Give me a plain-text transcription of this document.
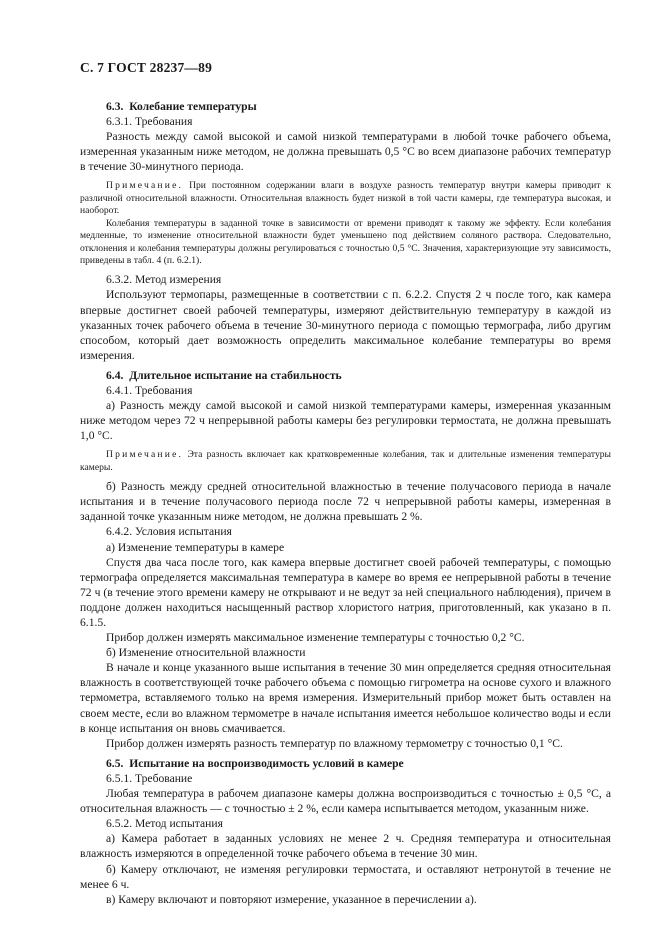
С. 7 ГОСТ 28237—89
6.3. Колебание температуры
6.3.1. Требования

Разность между самой высокой и самой низкой температурами в любой точке рабочего объема, измеренная указанным ниже методом, не должна превышать 0,5 °С во всем диапазоне рабочих температур в течение 30-минутного периода.

Примечание. При постоянном содержании влаги в воздухе разность температур внутри камеры приводит к различной относительной влажности. Относительная влажность будет низкой в той части камеры, где температура высокая, и наоборот.

Колебания температуры в заданной точке в зависимости от времени приводят к такому же эффекту. Если колебания медленные, то изменение относительной влажности будет уменьшено под действием соляного раствора. Следовательно, отклонения и колебания температуры должны регулироваться с точностью 0,5 °С. Значения, характеризующие эту зависимость, приведены в табл. 4 (п. 6.2.1).

6.3.2. Метод измерения

Используют термопары, размещенные в соответствии с п. 6.2.2. Спустя 2 ч после того, как камера впервые достигнет своей рабочей температуры, измеряют действительную температуру в каждой из указанных точек рабочего объема в течение 30-минутного периода с помощью термографа, либо другим способом, который дает возможность определить максимальное колебание температуры во время измерения.

6.4. Длительное испытание на стабильность
6.4.1. Требования

а) Разность между самой высокой и самой низкой температурами камеры, измеренная указанным ниже методом через 72 ч непрерывной работы камеры без регулировки термостата, не должна превышать 1,0 °С.

Примечание. Эта разность включает как кратковременные колебания, так и длительные изменения температуры камеры.

б) Разность между средней относительной влажностью в течение получасового периода в начале испытания и в течение получасового периода после 72 ч непрерывной работы камеры, измеренная в заданной точке указанным ниже методом, не должна превышать 2 %.

6.4.2. Условия испытания
а) Изменение температуры в камере

Спустя два часа после того, как камера впервые достигнет своей рабочей температуры, с помощью термографа определяется максимальная температура в камере во время ее непрерывной работы в течение 72 ч (в течение этого времени камеру не открывают и не ведут за ней специального наблюдения), причем в поддоне должен находиться насыщенный раствор хлористого натрия, приготовленный, как указано в п. 6.1.5.

Прибор должен измерять максимальное изменение температуры с точностью 0,2 °С.

б) Изменение относительной влажности

В начале и конце указанного выше испытания в течение 30 мин определяется средняя относительная влажность в соответствующей точке рабочего объема с помощью гигрометра на основе сухого и влажного термометра, вставляемого только на время измерения. Измерительный прибор может быть оставлен на своем месте, если во влажном термометре в начале испытания имеется небольшое количество воды и если в конце испытания он вновь смачивается.

Прибор должен измерять разность температур по влажному термометру с точностью 0,1 °С.

6.5. Испытание на воспроизводимость условий в камере
6.5.1. Требование

Любая температура в рабочем диапазоне камеры должна воспроизводиться с точностью ± 0,5 °С, а относительная влажность — с точностью ± 2 %, если камера испытывается методом, указанным ниже.

6.5.2. Метод испытания

а) Камера работает в заданных условиях не менее 2 ч. Средняя температура и относительная влажность измеряются в определенной точке рабочего объема в течение 30 мин.

б) Камеру отключают, не изменяя регулировки термостата, и оставляют нетронутой в течение не менее 6 ч.

в) Камеру включают и повторяют измерение, указанное в перечислении а).
